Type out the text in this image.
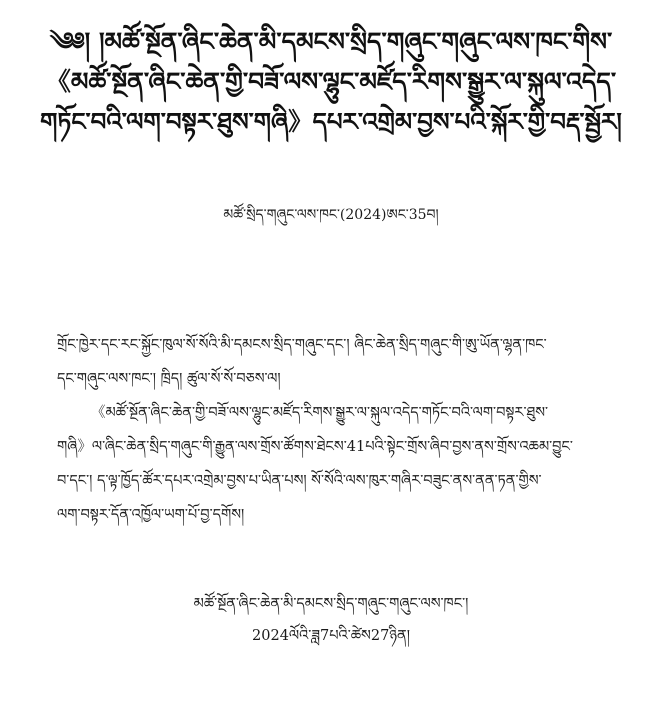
༄༅། །མཚོ་སྔོན་ཞིང་ཆེན་མི་དམངས་སྲིད་གཞུང་གཞུང་ལས་ཁང་གིས་
《མཚོ་སྔོན་ཞིང་ཆེན་གྱི་བཟོ་ལས་ལྷུང་མཛོད་རིགས་སྒྱུར་ལ་སྐུལ་འདེད་
གཏོང་བའི་ལག་བསྟར་ཐུས་གཞི》དཔར་འགྲེམ་བྱས་པའི་སྐོར་གྱི་བརྡ་སྦྱོར།
མཚོ་སྲིད་གཞུང་ལས་ཁང་(2024)ཨང་35བ།
གྲོང་ཁྱེར་དང་རང་སྐྱོང་ཁུལ་སོ་སོའི་མི་དམངས་སྲིད་གཞུང་དང་། ཞིང་ཆེན་སྲིད་གཞུང་གི་ཨུ་ཡོན་ལྷན་ཁང་
དང་གཞུང་ལས་ཁང་། ཁྲིད། ཚུལ་སོ་སོ་བཅས་ལ།
《མཚོ་སྔོན་ཞིང་ཆེན་གྱི་བཟོ་ལས་ལྷུང་མཛོད་རིགས་སྒྱུར་ལ་སྐུལ་འདེད་གཏོང་བའི་ལག་བསྟར་ཐུས་
གཞི》ལ་ཞིང་ཆེན་སྲིད་གཞུང་གི་རྒྱུན་ལས་གྲོས་ཚོགས་ཐེངས་41པའི་སྟེང་གྲོས་ཞིབ་བྱས་ནས་གྲོས་འཆམ་བྱུང་
བ་དང་། ད་ལྟ་ཁྱོད་ཚོར་དཔར་འགྲེམ་བྱས་པ་ཡིན་པས། སོ་སོའི་ལས་ཁུར་གཞིར་བཟུང་ནས་ནན་ཏན་གྱིས་
ལག་བསྟར་དོན་འཁྱོལ་ཡག་པོ་བྱ་དགོས།
མཚོ་སྔོན་ཞིང་ཆེན་མི་དམངས་སྲིད་གཞུང་གཞུང་ལས་ཁང་།
2024ལོའི་ཟླ7པའི་ཚེས27ཉིན།
